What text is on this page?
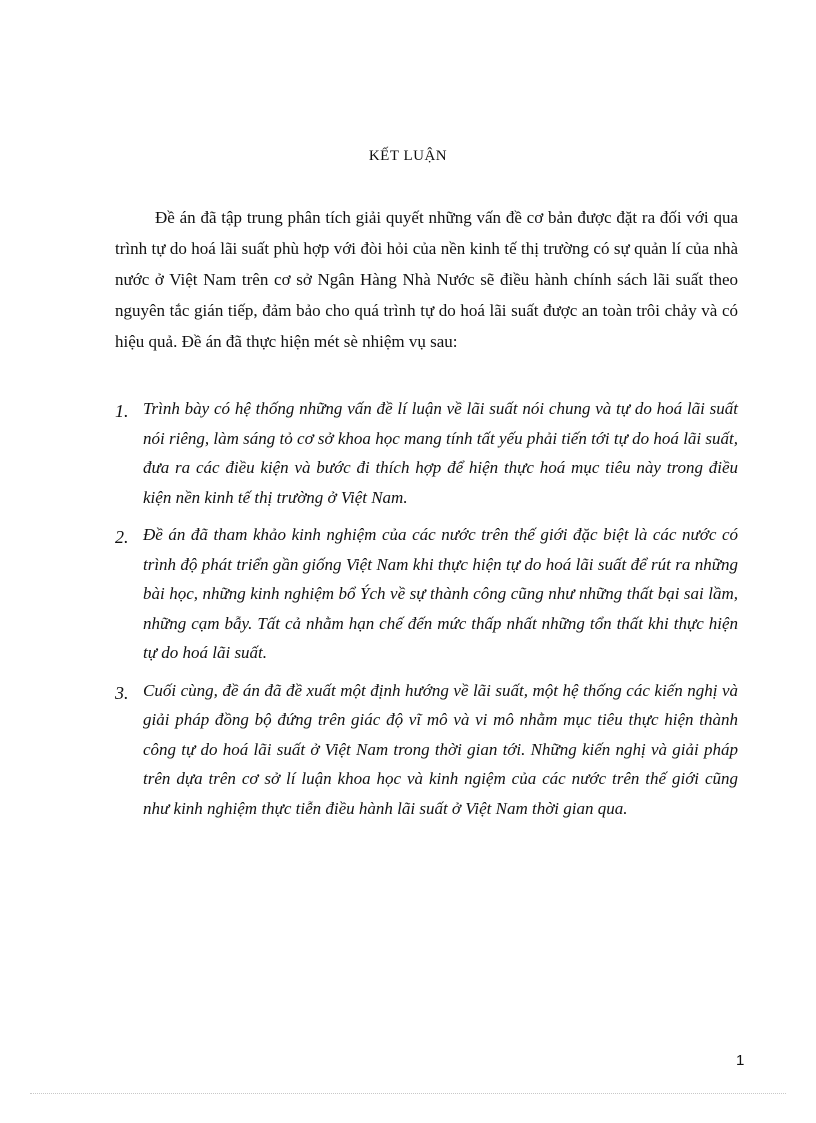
KẾT LUẬN

Đề án đã tập trung phân tích giải quyết những vấn đề cơ bản được đặt ra đối với qua trình tự do hoá lãi suất phù hợp với đòi hỏi của nền kinh tế thị trường có sự quản lí của nhà nước ở Việt Nam trên cơ sở Ngân Hàng Nhà Nước sẽ điều hành chính sách lãi suất theo nguyên tắc gián tiếp, đảm bảo cho quá trình tự do hoá lãi suất được an toàn trôi chảy và có hiệu quả. Đề án đã thực hiện mét sè nhiệm vụ sau:

1. Trình bày có hệ thống những vấn đề lí luận về lãi suất nói chung và tự do hoá lãi suất nói riêng, làm sáng tỏ cơ sở khoa học mang tính tất yếu phải tiến tới tự do hoá lãi suất, đưa ra các điều kiện và bước đi thích hợp để hiện thực hoá mục tiêu này trong điều kiện nền kinh tế thị trường ở Việt Nam.
2. Đề án đã tham khảo kinh nghiệm của các nước trên thế giới đặc biệt là các nước có trình độ phát triển gần giống Việt Nam khi thực hiện tự do hoá lãi suất để rút ra những bài học, những kinh nghiệm bổ Ých về sự thành công cũng như những thất bại sai lầm, những cạm bẫy. Tất cả nhằm hạn chế đến mức thấp nhất những tổn thất khi thực hiện tự do hoá lãi suất.
3. Cuối cùng, đề án đã đề xuất một định hướng về lãi suất, một hệ thống các kiến nghị và giải pháp đồng bộ đứng trên giác độ vĩ mô và vi mô nhằm mục tiêu thực hiện thành công tự do hoá lãi suất ở Việt Nam trong thời gian tới. Những kiến nghị và giải pháp trên dựa trên cơ sở lí luận khoa học và kinh ngiệm của các nước trên thế giới cũng như kinh nghiệm thực tiễn điều hành lãi suất ở Việt Nam thời gian qua.
1
